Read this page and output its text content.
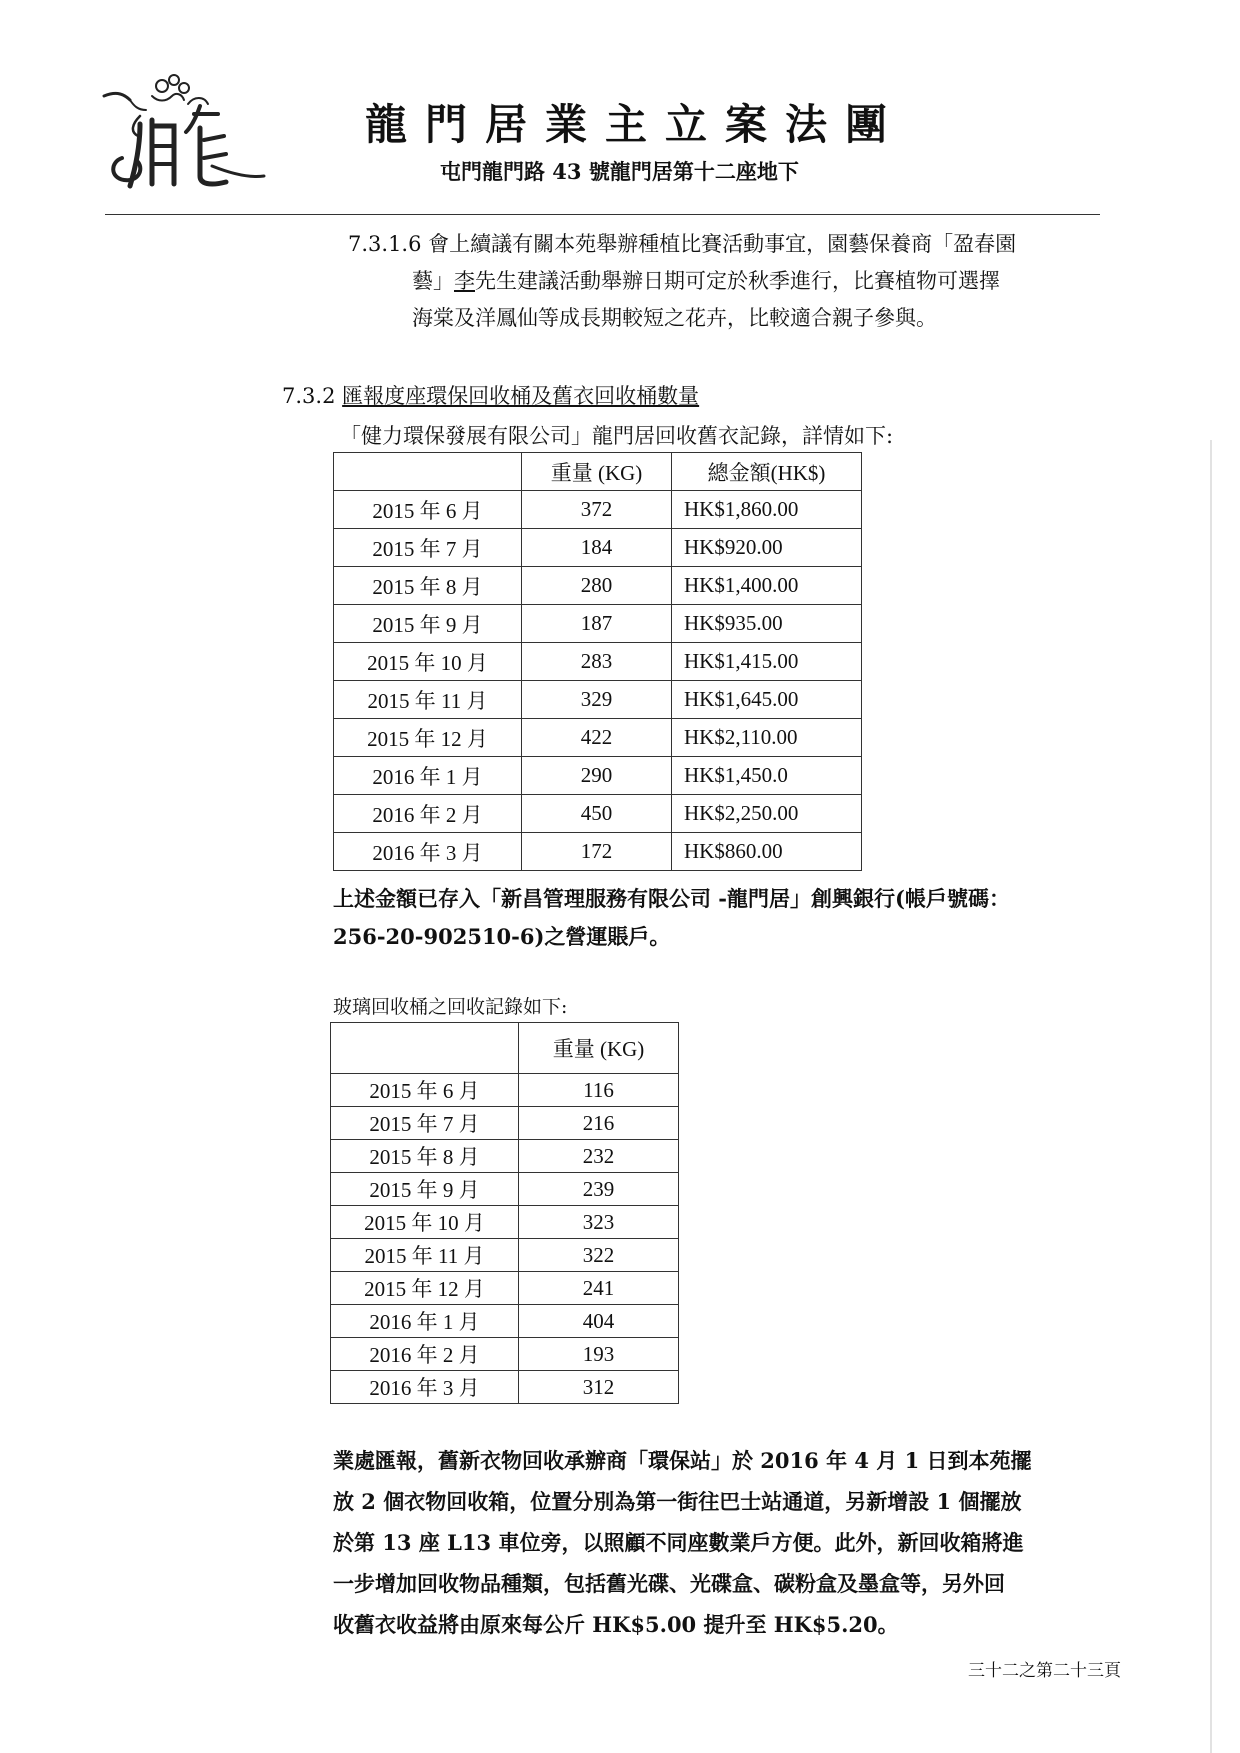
龍門居業主立案法團
屯門龍門路 43 號龍門居第十二座地下
7.3.1.6 會上續議有關本苑舉辦種植比賽活動事宜，園藝保養商「盈春園
藝」李先生建議活動舉辦日期可定於秋季進行，比賽植物可選擇
海棠及洋鳳仙等成長期較短之花卉，比較適合親子參與。
7.3.2 匯報度座環保回收桶及舊衣回收桶數量
「健力環保發展有限公司」龍門居回收舊衣記錄，詳情如下:
	重量 (KG)	總金額(HK$)
2015 年 6 月	372	HK$1,860.00
2015 年 7 月	184	HK$920.00
2015 年 8 月	280	HK$1,400.00
2015 年 9 月	187	HK$935.00
2015 年 10 月	283	HK$1,415.00
2015 年 11 月	329	HK$1,645.00
2015 年 12 月	422	HK$2,110.00
2016 年 1 月	290	HK$1,450.0
2016 年 2 月	450	HK$2,250.00
2016 年 3 月	172	HK$860.00
上述金額已存入「新昌管理服務有限公司 -龍門居」創興銀行(帳戶號碼：
256-20-902510-6)之營運賬戶。
玻璃回收桶之回收記錄如下:
	重量 (KG)
2015 年 6 月	116
2015 年 7 月	216
2015 年 8 月	232
2015 年 9 月	239
2015 年 10 月	323
2015 年 11 月	322
2015 年 12 月	241
2016 年 1 月	404
2016 年 2 月	193
2016 年 3 月	312
業處匯報，舊新衣物回收承辦商「環保站」於 2016 年 4 月 1 日到本苑擺
放 2 個衣物回收箱，位置分別為第一街往巴士站通道，另新增設 1 個擺放
於第 13 座 L13 車位旁，以照顧不同座數業戶方便。此外，新回收箱將進
一步增加回收物品種類，包括舊光碟、光碟盒、碳粉盒及墨盒等，另外回
收舊衣收益將由原來每公斤 HK$5.00 提升至 HK$5.20。
三十二之第二十三頁
